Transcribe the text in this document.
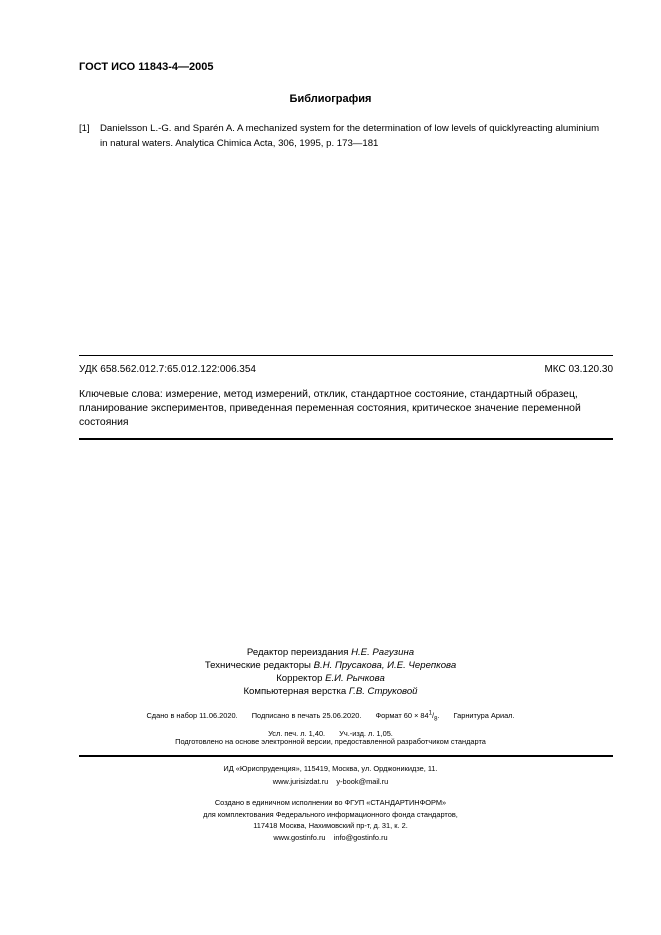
ГОСТ ИСО 11843-4—2005
Библиография
[1] Danielsson L.-G. and Sparén A. A mechanized system for the determination of low levels of quicklyreacting aluminium
in natural waters. Analytica Chimica Acta, 306, 1995, p. 173—181
УДК 658.562.012.7:65.012.122:006.354	МКС 03.120.30
Ключевые слова: измерение, метод измерений, отклик, стандартное состояние, стандартный образец, планирование экспериментов, приведенная переменная состояния, критическое значение переменной состояния
Редактор переиздания Н.Е. Рагузина
Технические редакторы В.Н. Прусакова, И.Е. Черепкова
Корректор Е.И. Рычкова
Компьютерная верстка Г.В. Струковой
Сдано в набор 11.06.2020. Подписано в печать 25.06.2020. Формат $60 \times 84^1/_8$. Гарнитура Ариал.
Усл. печ. л. 1,40. Уч.-изд. л. 1,05.
Подготовлено на основе электронной версии, предоставленной разработчиком стандарта
ИД «Юриспруденция», 115419, Москва, ул. Орджоникидзе, 11.
www.jurisizdat.ru    y-book@mail.ru
Создано в единичном исполнении во ФГУП «СТАНДАРТИНФОРМ»
для комплектования Федерального информационного фонда стандартов,
117418 Москва, Нахимовский пр-т, д. 31, к. 2.
www.gostinfo.ru    info@gostinfo.ru
